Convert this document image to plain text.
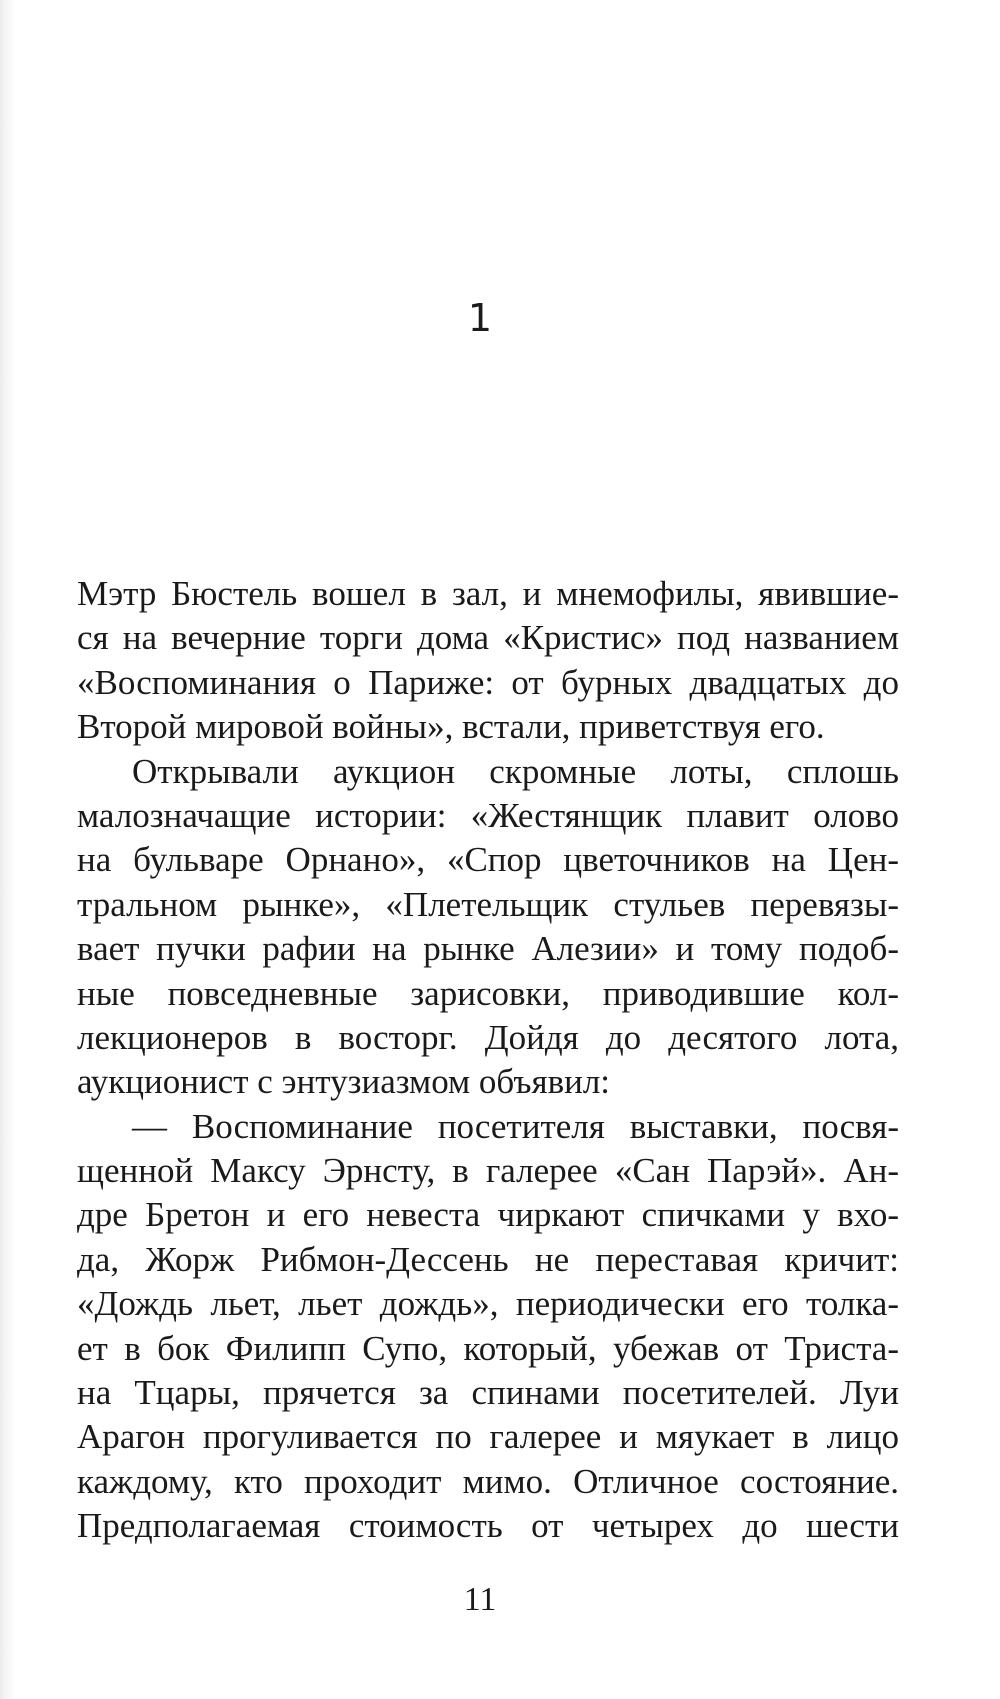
1
Мэтр Бюстель вошел в зал, и мнемофилы, явившие-
ся на вечерние торги дома «Кристис» под названием
«Воспоминания о Париже: от бурных двадцатых до
Второй мировой войны», встали, приветствуя его.
Открывали аукцион скромные лоты, сплошь
малозначащие истории: «Жестянщик плавит олово
на бульваре Орнано», «Спор цветочников на Цен-
тральном рынке», «Плетельщик стульев перевязы-
вает пучки рафии на рынке Алезии» и тому подоб-
ные повседневные зарисовки, приводившие кол-
лекционеров в восторг. Дойдя до десятого лота,
аукционист с энтузиазмом объявил:
— Воспоминание посетителя выставки, посвя-
щенной Максу Эрнсту, в галерее «Сан Парэй». Ан-
дре Бретон и его невеста чиркают спичками у вхо-
да, Жорж Рибмон-Дессень не переставая кричит:
«Дождь льет, льет дождь», периодически его толка-
ет в бок Филипп Супо, который, убежав от Триста-
на Тцары, прячется за спинами посетителей. Луи
Арагон прогуливается по галерее и мяукает в лицо
каждому, кто проходит мимо. Отличное состояние.
Предполагаемая стоимость от четырех до шести
11
